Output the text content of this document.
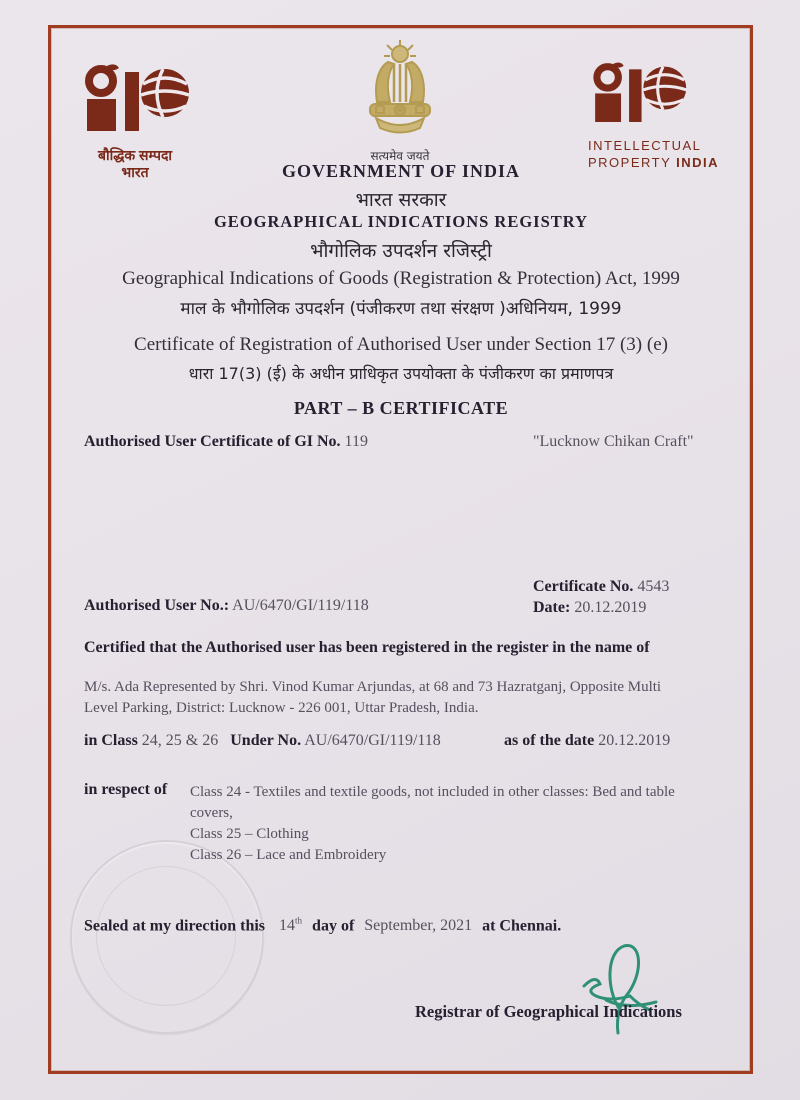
बौद्धिक सम्पदा
भारत
सत्यमेव जयते
INTELLECTUAL
PROPERTY INDIA
GOVERNMENT OF INDIA
भारत सरकार
GEOGRAPHICAL INDICATIONS REGISTRY
भौगोलिक उपदर्शन रजिस्ट्री
Geographical Indications of Goods (Registration & Protection) Act, 1999
माल के भौगोलिक उपदर्शन (पंजीकरण तथा संरक्षण )अधिनियम, 1999
Certificate of Registration of Authorised User under Section 17 (3) (e)
धारा 17(3) (ई) के अधीन प्राधिकृत उपयोक्ता के पंजीकरण का प्रमाणपत्र
PART – B CERTIFICATE
Authorised User Certificate of GI No. 119	"Lucknow Chikan Craft"
Certificate No. 4543
Date: 20.12.2019
Authorised User No.: AU/6470/GI/119/118
Certified that the Authorised user has been registered in the register in the name of
M/s. Ada Represented by Shri. Vinod Kumar Arjundas, at 68 and 73 Hazratganj, Opposite Multi
Level Parking, District: Lucknow - 226 001, Uttar Pradesh, India.
in Class 24, 25 & 26 Under No. AU/6470/GI/119/118	as of the date 20.12.2019
in respect of Class 24 - Textiles and textile goods, not included in other classes: Bed and table
covers,
Class 25 – Clothing
Class 26 – Lace and Embroidery
Sealed at my direction this 14th day of September, 2021 at Chennai.
Registrar of Geographical Indications
